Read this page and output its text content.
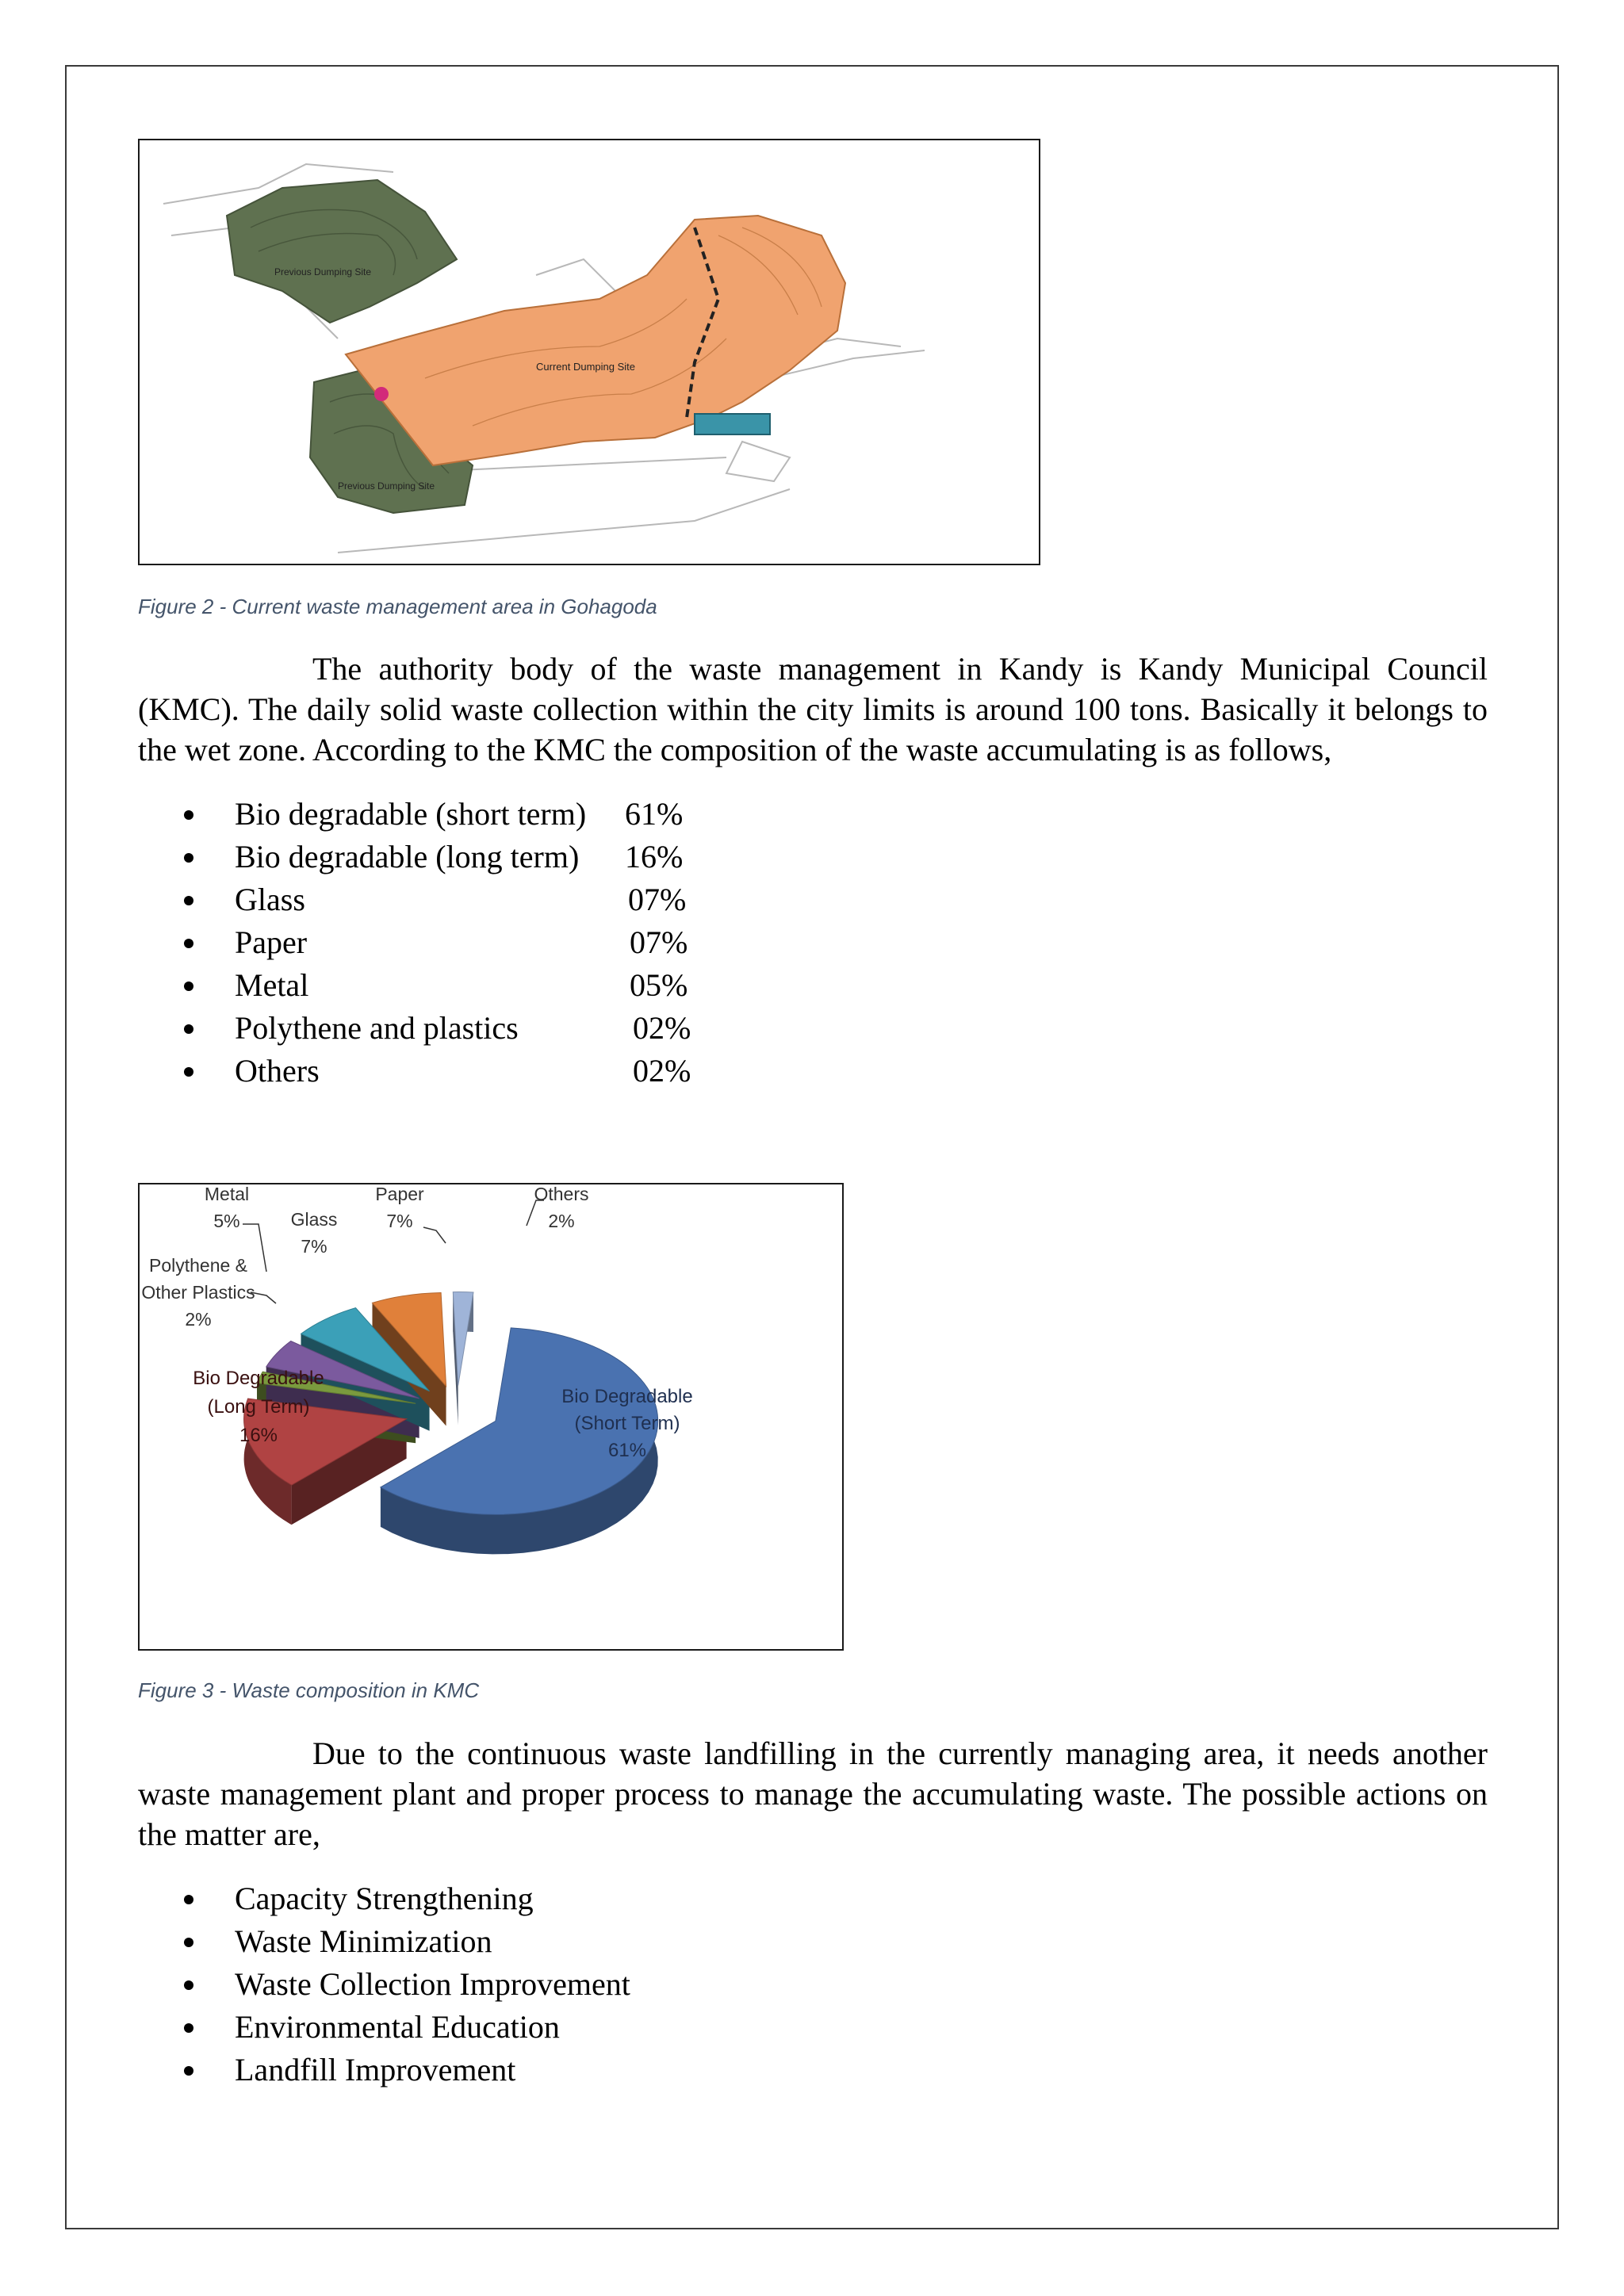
Previous Dumping Site
Current Dumping Site
Previous Dumping Site
Figure 2 - Current waste management area in Gohagoda

The authority body of the waste management in Kandy is Kandy Municipal Council (KMC). The daily solid waste collection within the city limits is around 100 tons. Basically it belongs to the wet zone. According to the KMC the composition of the waste accumulating is as follows,

Bio degradable (short term) 61%
Bio degradable (long term) 16%
Glass	07%
Paper	07%
Metal	05%
Polythene and plastics	02%
Others	02%
Bio Degradable
(Short Term)
61%
Bio Degradable
(Long Term)
16%
Polythene &
Other Plastics
2%
Metal
5%	Glass
7%
Paper
7%
Others
2%
Figure 3 - Waste composition in KMC

Due to the continuous waste landfilling in the currently managing area, it needs another waste management plant and proper process to manage the accumulating waste. The possible actions on the matter are,

Capacity Strengthening
Waste Minimization
Waste Collection Improvement
Environmental Education
Landfill Improvement
